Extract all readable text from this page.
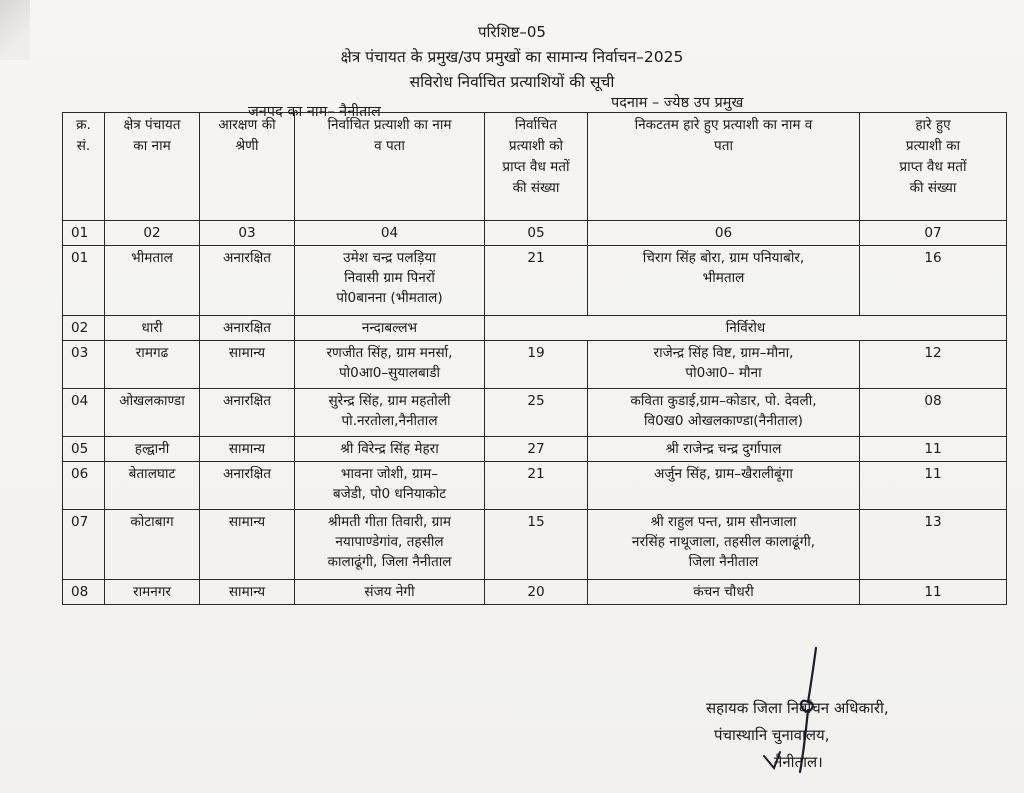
परिशिष्ट–05
क्षेत्र पंचायत के प्रमुख/उप प्रमुखों का सामान्य निर्वाचन–2025
सविरोध निर्वाचित प्रत्याशियों की सूची
जनपद का नाम– नैनीताल
पदनाम – ज्येष्ठ उप प्रमुख
क्र.
सं.	क्षेत्र पंचायत
का नाम	आरक्षण की
श्रेणी	निर्वाचित प्रत्याशी का नाम
व पता	निर्वाचित
प्रत्याशी को
प्राप्त वैध मतों
की संख्या	निकटतम हारे हुए प्रत्याशी का नाम व
पता	हारे हुए
प्रत्याशी का
प्राप्त वैध मतों
की संख्या
01	02	03	04	05	06	07
01	भीमताल	अनारक्षित	उमेश चन्द्र पलड़िया
निवासी ग्राम पिनरों
पो0बानना (भीमताल)	21	चिराग सिंह बोरा, ग्राम पनियाबोर,
भीमताल	16
02	धारी	अनारक्षित	नन्दाबल्लभ	निर्विरोध		
03	रामगढ	सामान्य	रणजीत सिंह, ग्राम मनर्सा,
पो0आ0–सुयालबाडी	19	राजेन्द्र सिंह विष्ट, ग्राम–मौना,
पो0आ0– मौना	12
04	ओखलकाण्डा	अनारक्षित	सुरेन्द्र सिंह, ग्राम महतोली
पो.नरतोला,नैनीताल	25	कविता कुडाई,ग्राम–कोडार, पो. देवली,
वि0ख0 ओखलकाण्डा(नैनीताल)	08
05	हल्द्वानी	सामान्य	श्री विरेन्द्र सिंह मेहरा	27	श्री राजेन्द्र चन्द्र दुर्गापाल	11
06	बेतालघाट	अनारक्षित	भावना जोशी, ग्राम–
बजेडी, पो0 धनियाकोट	21	अर्जुन सिंह, ग्राम–खैरालीबूंगा	11
07	कोटाबाग	सामान्य	श्रीमती गीता तिवारी, ग्राम
नयापाण्डेगांव, तहसील
कालाढूंगी, जिला नैनीताल	15	श्री राहुल पन्त, ग्राम सौनजाला
नरसिंह नाथूजाला, तहसील कालाढूंगी,
जिला नैनीताल	13
08	रामनगर	सामान्य	संजय नेगी	20	कंचन चौधरी	11
सहायक जिला निर्वाचन अधिकारी,
पंचास्थानि चुनावालय,
नैनीताल।
